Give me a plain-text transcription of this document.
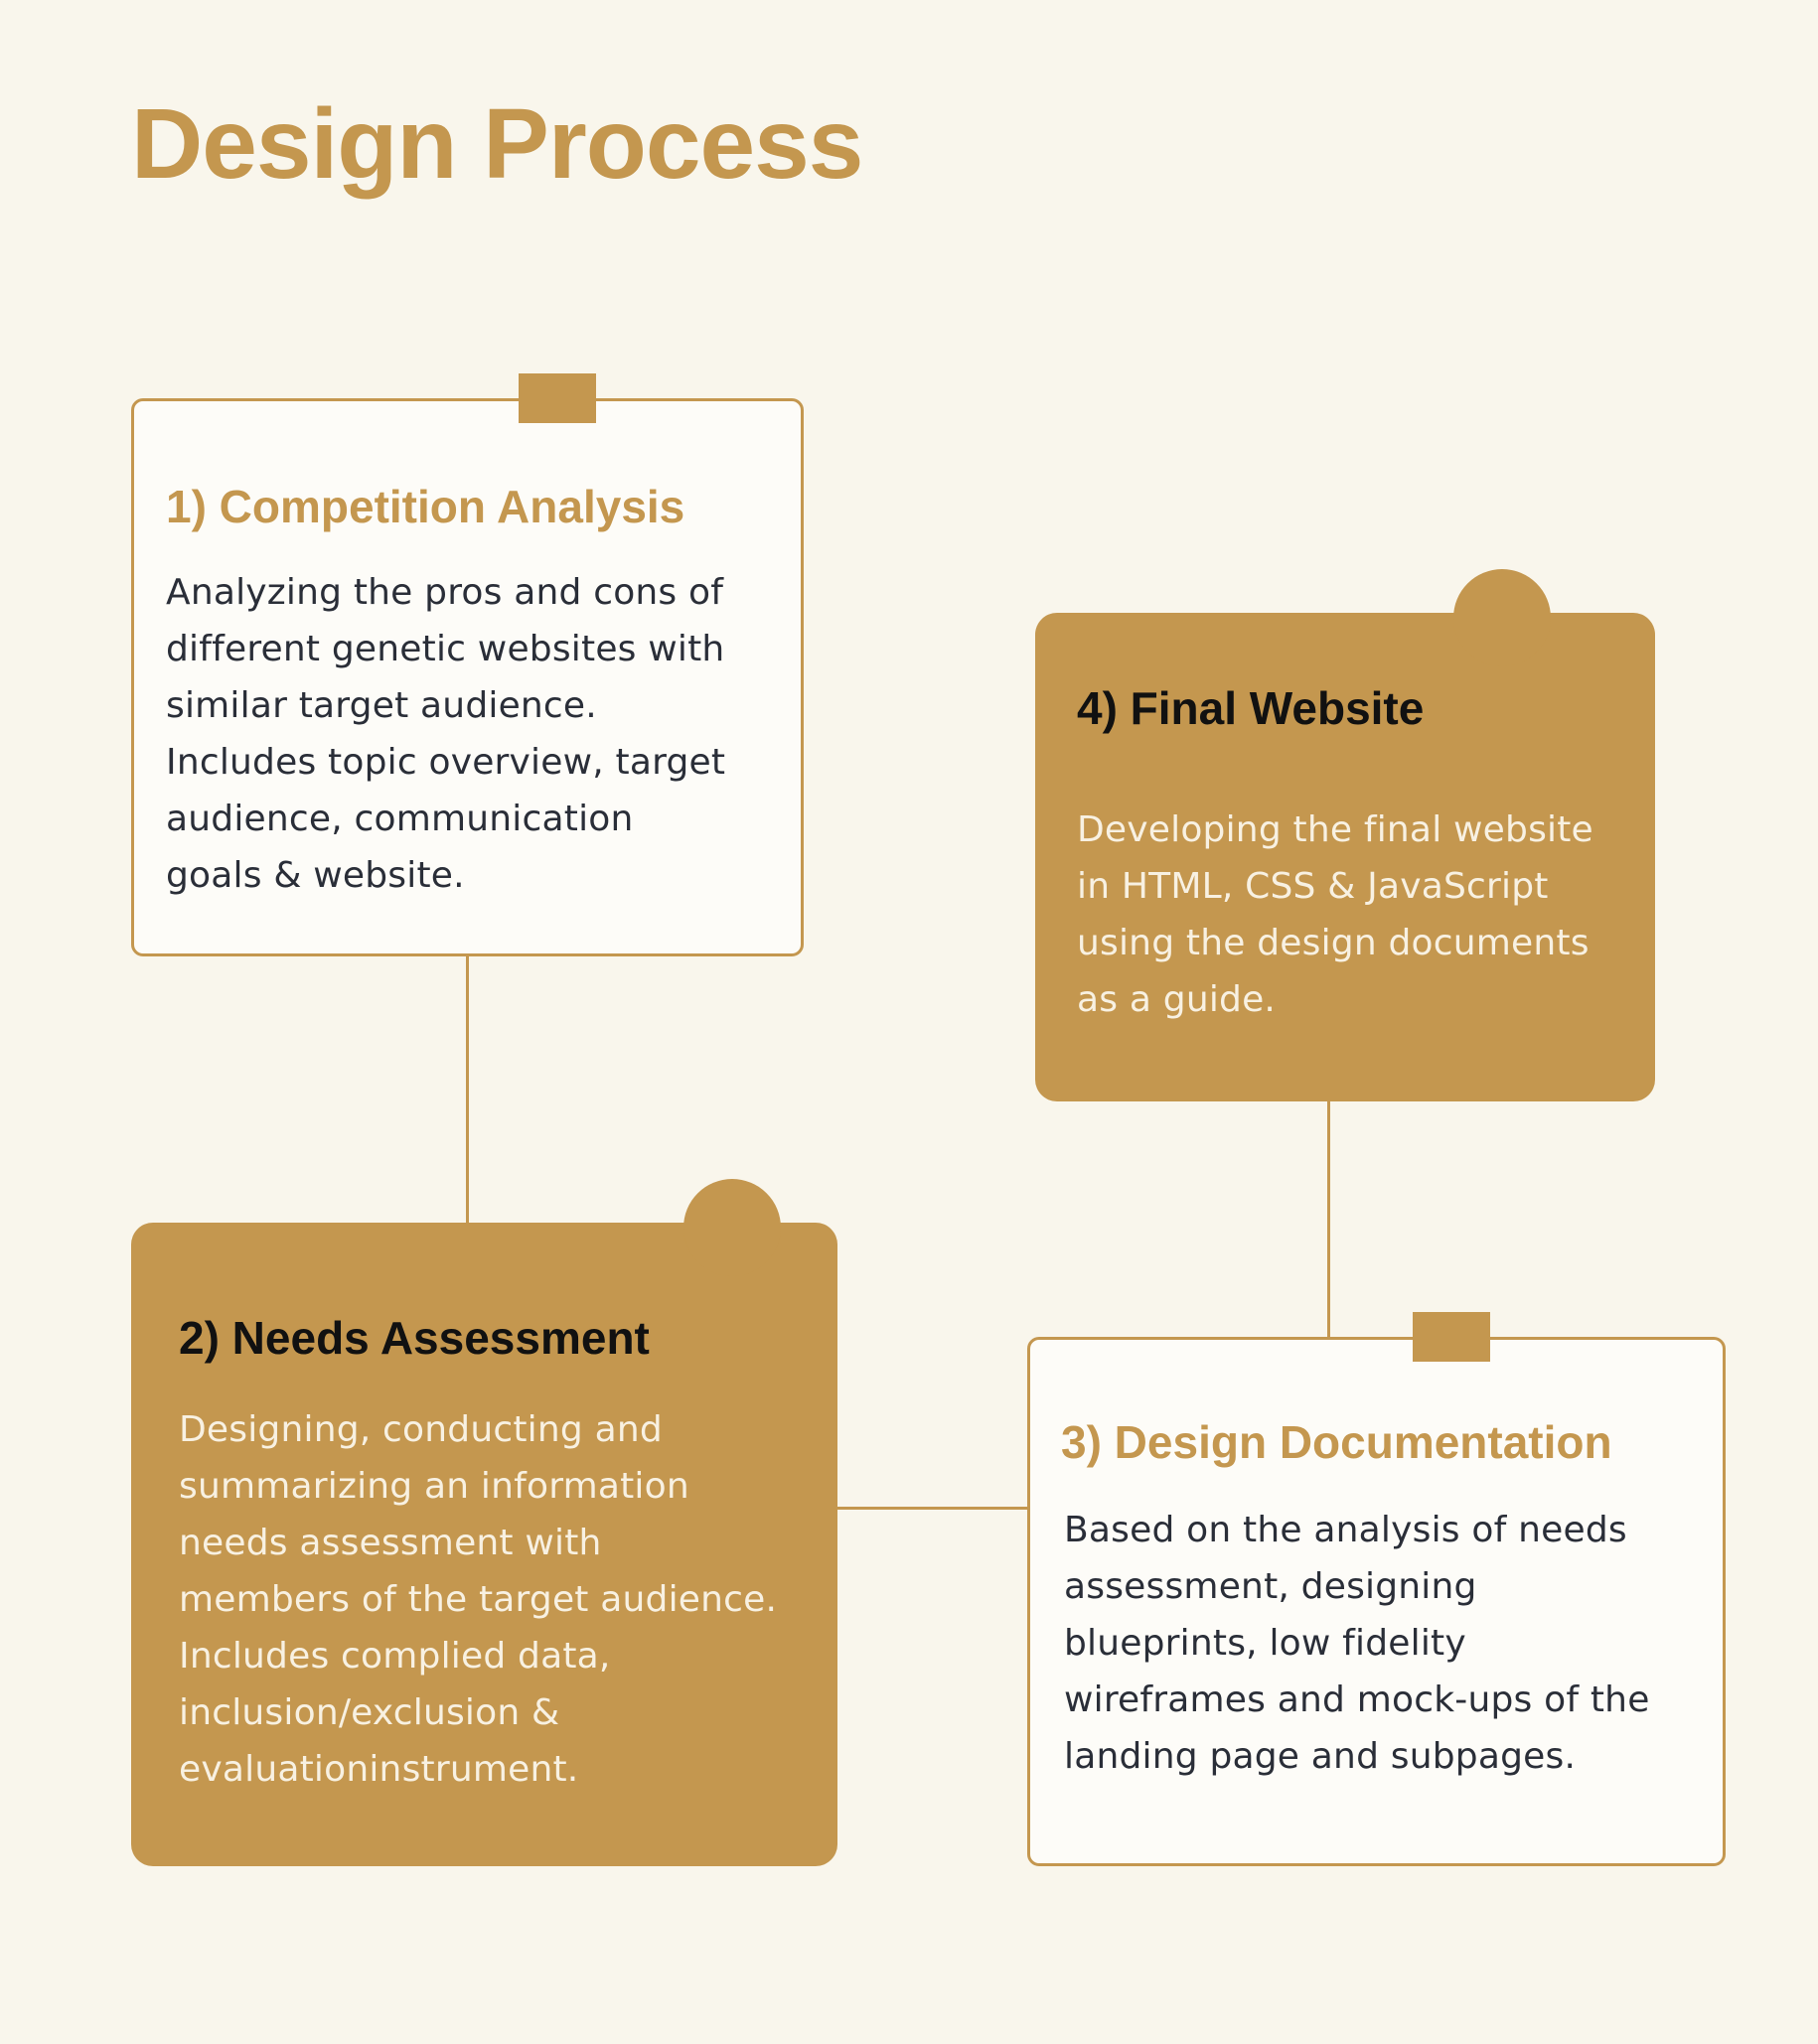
Design Process
1) Competition Analysis
Analyzing the pros and cons of
different genetic websites with
similar target audience.
Includes topic overview, target
audience, communication
goals & website.
4) Final Website
Developing the final website
in HTML, CSS & JavaScript
using the design documents
as a guide.
2) Needs Assessment
Designing, conducting and
summarizing an information
needs assessment with
members of the target audience.
Includes complied data,
inclusion/exclusion &
evaluationinstrument.
3) Design Documentation
Based on the analysis of needs
assessment, designing
blueprints, low fidelity
wireframes and mock-ups of the
landing page and subpages.
